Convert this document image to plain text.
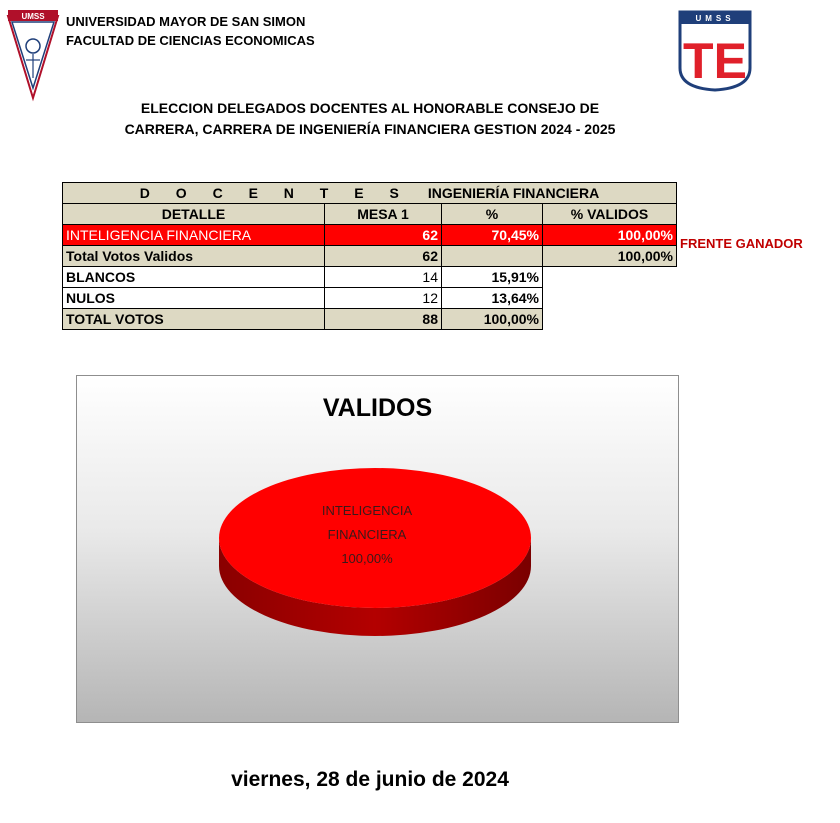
UMSS UNIVERSIDAD MAYOR DE SAN SIMON
FACULTAD DE CIENCIAS ECONOMICAS
UMSS
TE
ELECCION DELEGADOS DOCENTES AL HONORABLE CONSEJO DE
CARRERA, CARRERA DE INGENIERÍA FINANCIERA GESTION 2024 - 2025
D O C E N T E S INGENIERÍA FINANCIERA			
DETALLE	MESA 1	%	% VALIDOS
INTELIGENCIA FINANCIERA	62	70,45%	100,00%
Total Votos Validos	62		100,00%
BLANCOS	14	15,91%	
NULOS	12	13,64%	
TOTAL VOTOS	88	100,00%	
FRENTE GANADOR
VALIDOS
INTELIGENCIA
FINANCIERA
100,00%
viernes, 28 de junio de 2024
